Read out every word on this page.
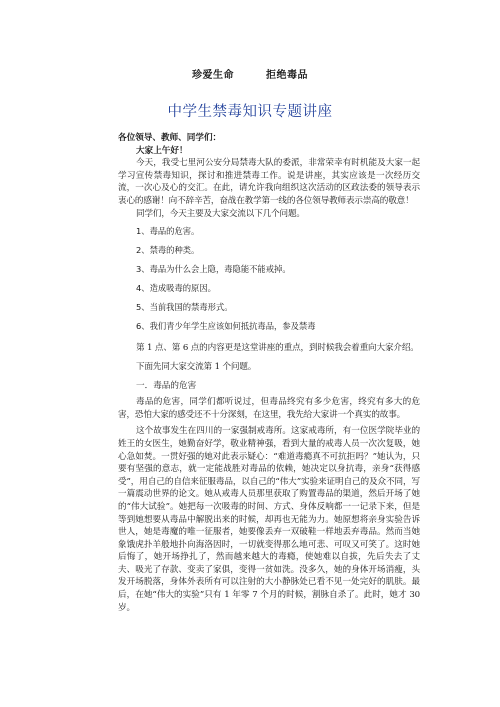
珍爱生命	拒绝毒品
中学生禁毒知识专题讲座

各位领导、教师、同学们：

大家上午好！

今天，我受七里河公安分局禁毒大队的委派，非常荣幸有时机能及大家一起学习宣传禁毒知识，探讨和推进禁毒工作。说是讲座，其实应该是一次经历交流，一次心及心的交汇。在此，请允许我向组织这次活动的区政法委的领导表示衷心的感谢！向不辞辛苦，奋战在教学第一线的各位领导教师表示崇高的敬意！

同学们，今天主要及大家交流以下几个问题。

1、毒品的危害。

2、禁毒的种类。

3、毒品为什么会上隐，毒隐能不能戒掉。

4、造成吸毒的原因。

5、当前我国的禁毒形式。

6、我们青少年学生应该如何抵抗毒品，参及禁毒

第 1 点、第 6 点的内容更是这堂讲座的重点，到时候我会着重向大家介绍。

下面先同大家交流第 1 个问题。

一．毒品的危害

毒品的危害，同学们都听说过，但毒品终究有多少危害，终究有多大的危害，恐怕大家的感受还不十分深刻，在这里，我先给大家讲一个真实的故事。

这个故事发生在四川的一家强制戒毒所。这家戒毒所，有一位医学院毕业的姓王的女医生，她勤奋好学，敬业精神强，看到大量的戒毒人员一次次复吸，她心急如焚。一贯好强的她对此表示疑心：“难道毒瘾真不可抗拒吗？”她认为，只要有坚强的意志，就一定能战胜对毒品的依赖，她决定以身抗毒，亲身“获得感受”，用自己的自信来征服毒品，以自己的“伟大”实验来证明自己的及众不同，写一篇震动世界的论文。她从戒毒人员那里获取了购置毒品的渠道，然后开场了她的“伟大试验”。她把每一次吸毒的时间、方式、身体反响都一一记录下来，但是等到她想要从毒品中解脱出来的时候，却再也无能为力。她原想将亲身实验告诉世人，她是毒魔的唯一征服者，她要像丢弃一双破鞋一样地丢弃毒品。然而当她象饿虎扑羊般地扑向海洛因时，一切就变得那么地可悲、可叹又可笑了。这时她后悔了，她开场挣扎了，然而越来越大的毒瘾，使她难以自拔，先后失去了丈夫、吸光了存款、变卖了家俱，变得一贫如洗。没多久，她的身体开场消瘦，头发开场脱落，身体外表所有可以注射的大小静脉处已看不见一处完好的肌肤。最后，在她“伟大的实验”只有 1 年零 7 个月的时候，割脉自杀了。此时，她才 30 岁。
